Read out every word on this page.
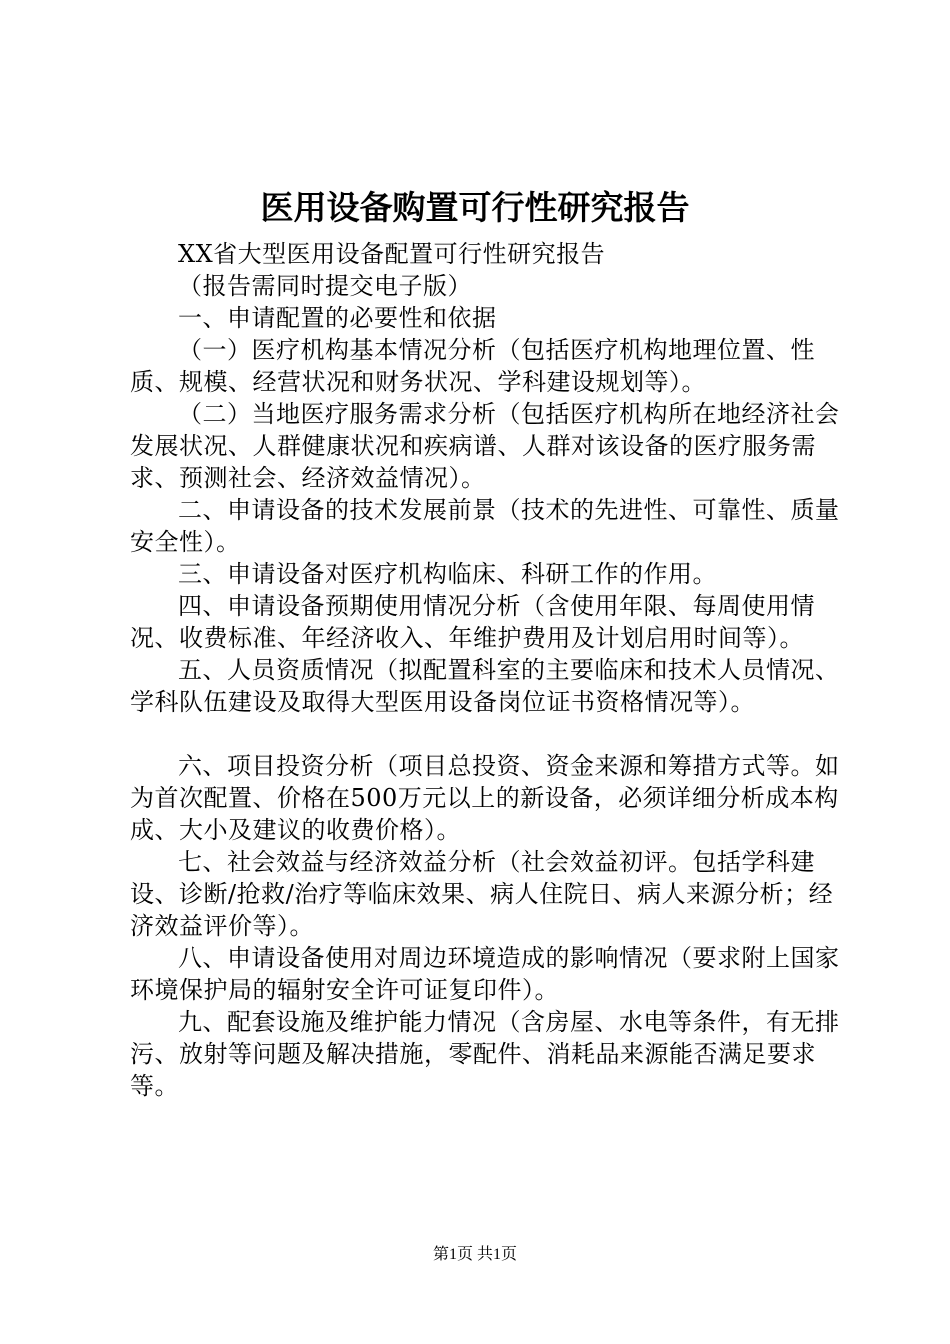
医用设备购置可行性研究报告

XX省大型医用设备配置可行性研究报告

（报告需同时提交电子版）

一、申请配置的必要性和依据

（一）医疗机构基本情况分析（包括医疗机构地理位置、性质、规模、经营状况和财务状况、学科建设规划等）。

（二）当地医疗服务需求分析（包括医疗机构所在地经济社会发展状况、人群健康状况和疾病谱、人群对该设备的医疗服务需求、预测社会、经济效益情况）。

二、申请设备的技术发展前景（技术的先进性、可靠性、质量安全性）。

三、申请设备对医疗机构临床、科研工作的作用。

四、申请设备预期使用情况分析（含使用年限、每周使用情况、收费标准、年经济收入、年维护费用及计划启用时间等）。

五、人员资质情况（拟配置科室的主要临床和技术人员情况、学科队伍建设及取得大型医用设备岗位证书资格情况等）。

六、项目投资分析（项目总投资、资金来源和筹措方式等。如为首次配置、价格在500万元以上的新设备，必须详细分析成本构成、大小及建议的收费价格）。

七、社会效益与经济效益分析（社会效益初评。包括学科建设、诊断/抢救/治疗等临床效果、病人住院日、病人来源分析；经济效益评价等）。

八、申请设备使用对周边环境造成的影响情况（要求附上国家环境保护局的辐射安全许可证复印件）。

九、配套设施及维护能力情况（含房屋、水电等条件，有无排污、放射等问题及解决措施，零配件、消耗品来源能否满足要求等。

第1页 共1页
